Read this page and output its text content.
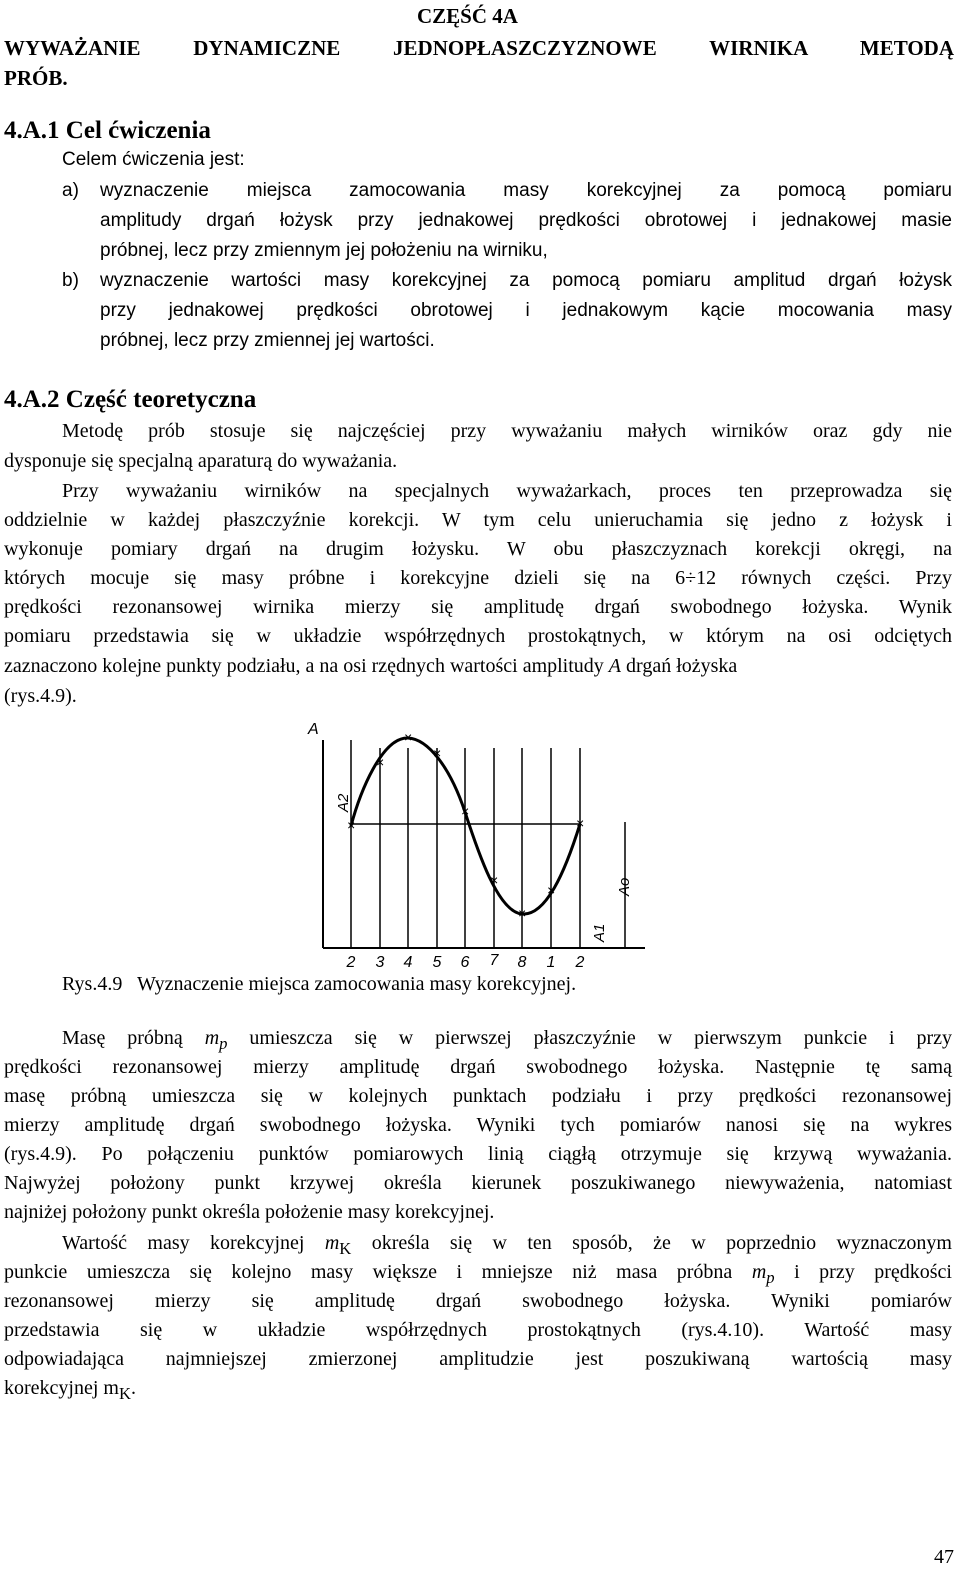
CZĘŚĆ 4A
WYWAŻANIE DYNAMICZNE JEDNOPŁASZCZYZNOWE WIRNIKA METODĄ
PRÓB.
4.A.1 Cel ćwiczenia
Celem ćwiczenia jest:
a) wyznaczenie miejsca zamocowania masy korekcyjnej za pomocą pomiaru
amplitudy drgań łożysk przy jednakowej prędkości obrotowej i jednakowej masie
próbnej, lecz przy zmiennym jej położeniu na wirniku,
b) wyznaczenie wartości masy korekcyjnej za pomocą pomiaru amplitud drgań łożysk
przy jednakowej prędkości obrotowej i jednakowym kącie mocowania masy
próbnej, lecz przy zmiennej jej wartości.
4.A.2 Część teoretyczna
Metodę prób stosuje się najczęściej przy wyważaniu małych wirników oraz gdy nie
dysponuje się specjalną aparaturą do wyważania.
Przy wyważaniu wirników na specjalnych wyważarkach, proces ten przeprowadza się
oddzielnie w każdej płaszczyźnie korekcji. W tym celu unieruchamia się jedno z łożysk i
wykonuje pomiary drgań na drugim łożysku. W obu płaszczyznach korekcji okręgi, na
których mocuje się masy próbne i korekcyjne dzieli się na 6÷12 równych części. Przy
prędkości rezonansowej wirnika mierzy się amplitudę drgań swobodnego łożyska. Wynik
pomiaru przedstawia się w układzie współrzędnych prostokątnych, w którym na osi odciętych
zaznaczono kolejne punkty podziału, a na osi rzędnych wartości amplitudy A drgań łożyska
(rys.4.9).
A
A2
Ao
A1
×
×
×
×
×
×
×
×
×
2 3 4 5 6 7 8 1 2
Rys.4.9   Wyznaczenie miejsca zamocowania masy korekcyjnej.
Masę próbną $m_p$ umieszcza się w pierwszej płaszczyźnie w pierwszym punkcie i przy
prędkości rezonansowej mierzy amplitudę drgań swobodnego łożyska. Następnie tę samą
masę próbną umieszcza się w kolejnych punktach podziału i przy prędkości rezonansowej
mierzy amplitudę drgań swobodnego łożyska. Wyniki tych pomiarów nanosi się na wykres
(rys.4.9). Po połączeniu punktów pomiarowych linią ciągłą otrzymuje się krzywą wyważania.
Najwyżej położony punkt krzywej określa kierunek poszukiwanego niewyważenia, natomiast
najniżej położony punkt określa położenie masy korekcyjnej.
Wartość masy korekcyjnej $m_K$ określa się w ten sposób, że w poprzednio wyznaczonym
punkcie umieszcza się kolejno masy większe i mniejsze niż masa próbna $m_p$ i przy prędkości
rezonansowej mierzy się amplitudę drgań swobodnego łożyska. Wyniki pomiarów
przedstawia się w układzie współrzędnych prostokątnych (rys.4.10). Wartość masy
odpowiadająca najmniejszej zmierzonej amplitudzie jest poszukiwaną wartością masy
korekcyjnej $m_K$.
47
